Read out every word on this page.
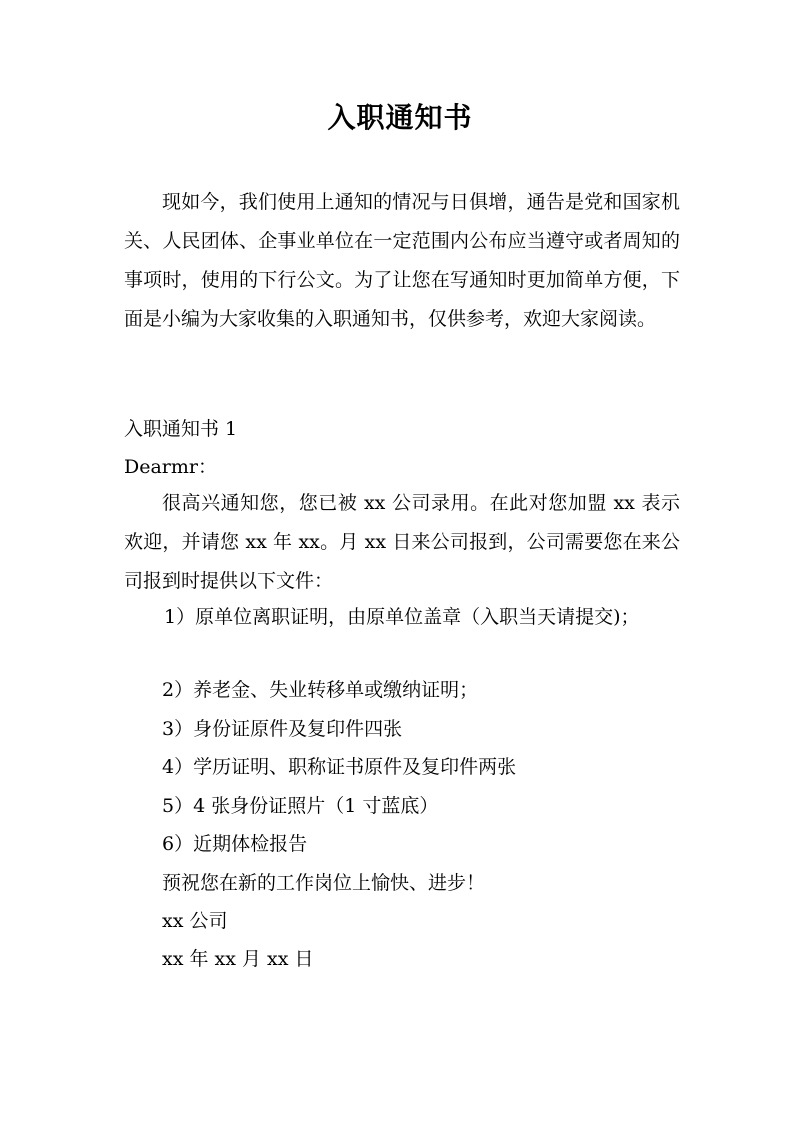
入职通知书

现如今，我们使用上通知的情况与日俱增，通告是党和国家机关、人民团体、企事业单位在一定范围内公布应当遵守或者周知的事项时，使用的下行公文。为了让您在写通知时更加简单方便，下面是小编为大家收集的入职通知书，仅供参考，欢迎大家阅读。

入职通知书 1
Dearmr：

很高兴通知您，您已被 xx 公司录用。在此对您加盟 xx 表示欢迎，并请您 xx 年 xx。月 xx 日来公司报到，公司需要您在来公司报到时提供以下文件：

1）原单位离职证明，由原单位盖章（入职当天请提交)；

2）养老金、失业转移单或缴纳证明；
3）身份证原件及复印件四张
4）学历证明、职称证书原件及复印件两张
5）4 张身份证照片（1 寸蓝底）
6）近期体检报告
预祝您在新的工作岗位上愉快、进步！
xx 公司
xx 年 xx 月 xx 日
